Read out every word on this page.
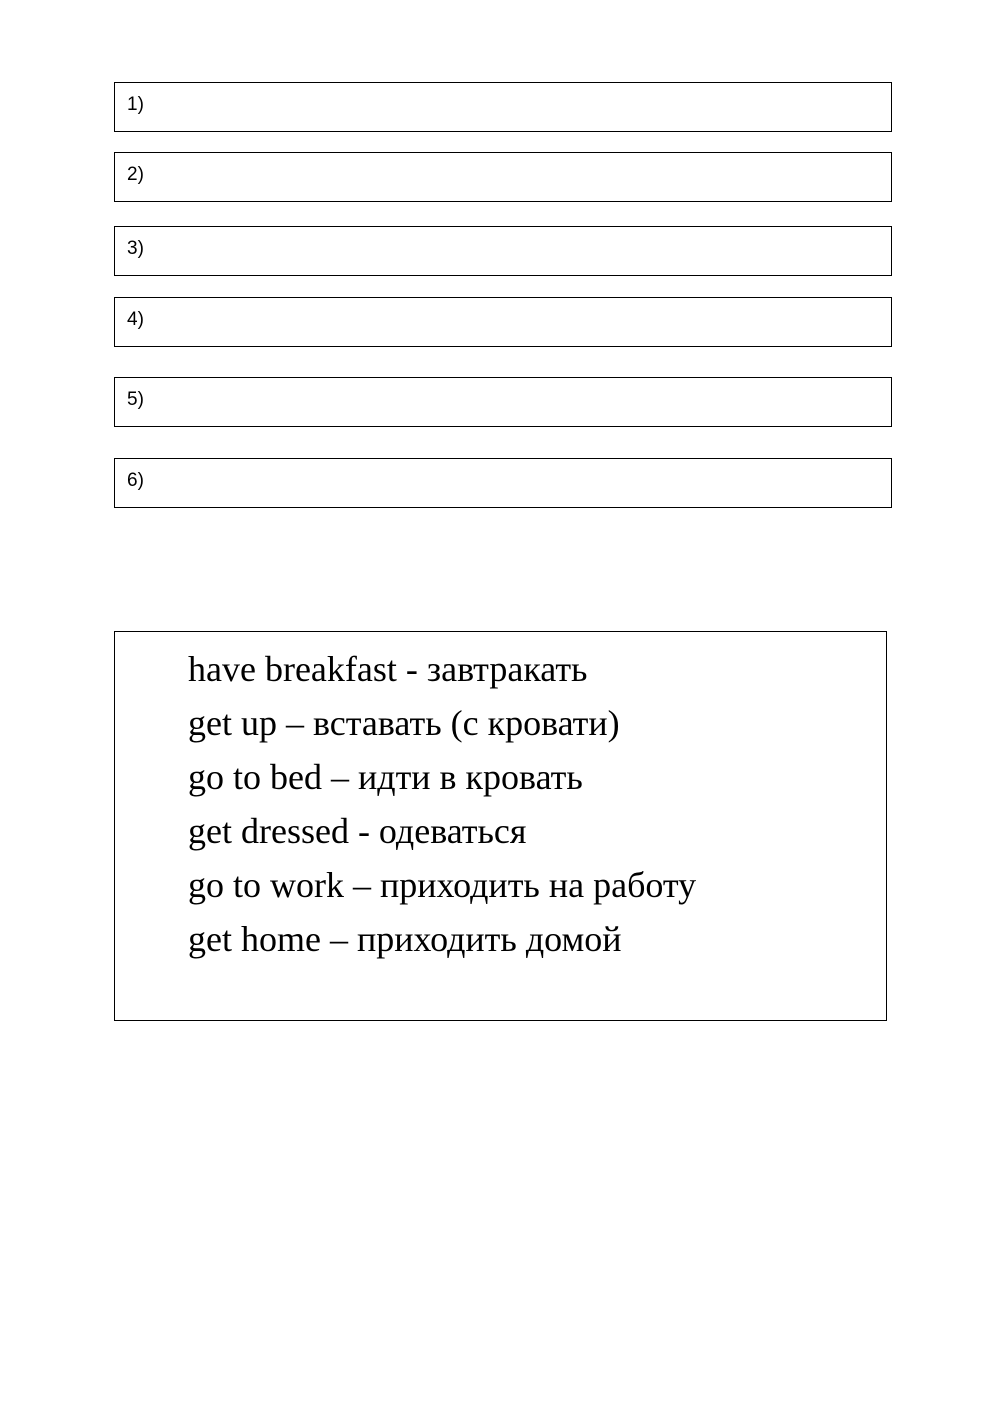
1)
2)
3)
4)
5)
6)
have breakfast - завтракать
get up – вставать (с кровати)
go to bed – идти в кровать
get dressed - одеваться
go to work – приходить на работу
get home – приходить домой
